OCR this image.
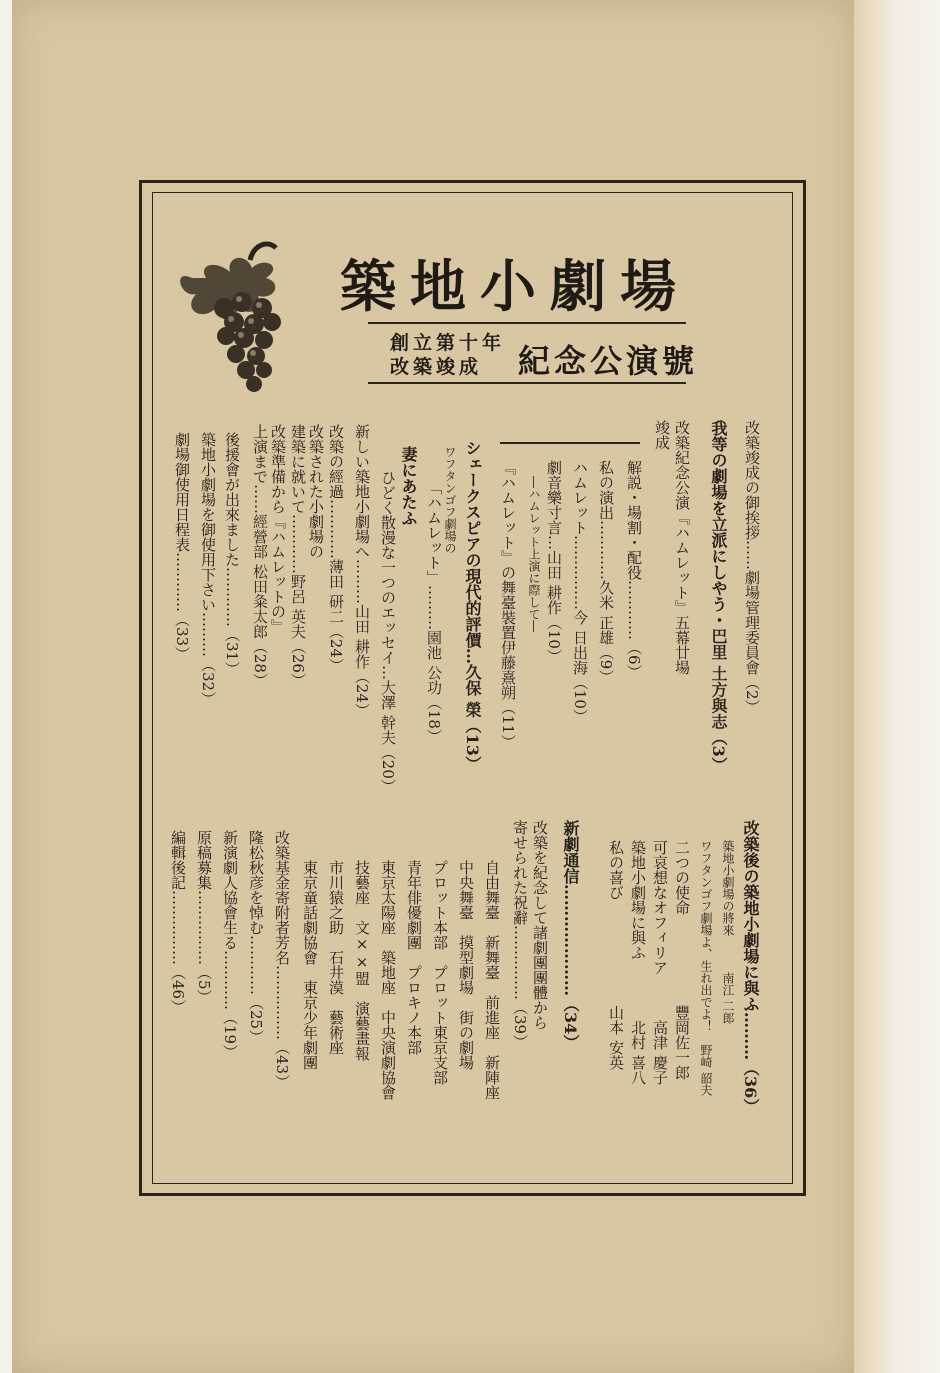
築地小劇場
創立第十年
改築竣成 紀念公演號
改築竣成の御挨拶……劇場管理委員會（2）
我等の劇場を立派にしやう・巴里 土方與志（3）
改築紀念公演『ハムレット』五幕廿場
竣成
解説・場割・配役…………（6）
私の演出…………久米 正雄（9）
ハムレット……………今 日出海（10）
劇音樂寸言…山田 耕作（10）
―ハムレット上演に際して―
『ハムレット』の舞臺裝置伊藤熹朔（11）
シェークスピアの現代的評價…久保 榮（13）
ワフタンゴフ劇場の
「ハムレット」………園池 公功（18）
妻にあたふ
ひどく散漫な一つのエッセイ…大澤 幹夫（20）
新しい築地小劇場へ………山田 耕作（24）
改築の經過…………薄田 研二（24）
改築された小劇場の
建築に就いて…………野呂 英夫（26）
改築準備から『ハムレットの』
上演まで……經營部 松田粂太郎（28）
後援會が出來ました…………（31）
築地小劇場を御使用下さい………（32）
劇場御使用日程表…………（33）
改築後の築地小劇場に與ふ………（36）
築地小劇場の將來　　　南江 二郎
ワフタンゴフ劇場よ、生れ出でよ！　野崎 韶夫
二つの使命　　　　　　豐岡佐一郎
可哀想なオフィリア　　　高津 慶子
築地小劇場に與ふ　　　　北村 喜八
私の喜び　　　　　　　山本 安英
新劇通信…………………（34）
改築を紀念して諸劇團團體から
寄せられた祝辭……………（39）
自由舞臺　新舞臺　前進座　新陣座
中央舞臺　摸型劇場　街の劇場
プロット本部　プロット東京支部
青年俳優劇團　プロキノ本部
東京太陽座　築地座　中央演劇協會
技藝座　文××盟　演藝畫報
市川猿之助　石井漠　藝術座
東京童話劇協會　東京少年劇團
改築基金寄附者芳名……………（43）
隆松秋彦を悼む…………（25）
新演劇人協會生る…………（19）
原稿募集……………（5）
編輯後記……………（46）
